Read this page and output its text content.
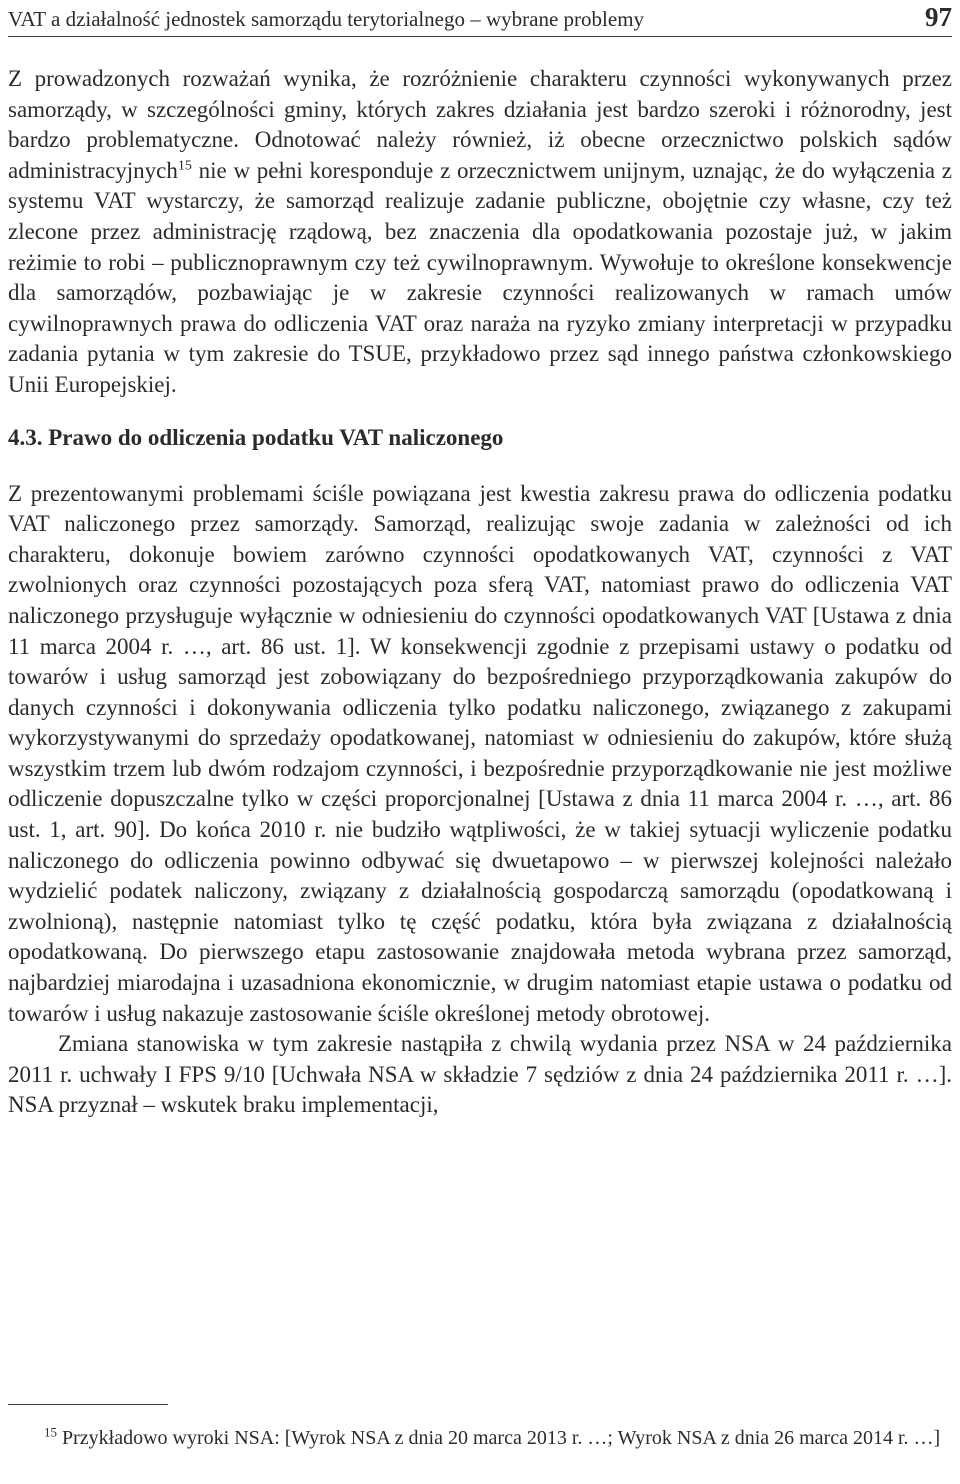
VAT a działalność jednostek samorządu terytorialnego – wybrane problemy	97

Z prowadzonych rozważań wynika, że rozróżnienie charakteru czynności wykonywanych przez samorządy, w szczególności gminy, których zakres działania jest bardzo szeroki i różnorodny, jest bardzo problematyczne. Odnotować należy również, iż obecne orzecznictwo polskich sądów administracyjnych$^{15}$ nie w pełni koresponduje z orzecznictwem unijnym, uznając, że do wyłączenia z systemu VAT wystarczy, że samorząd realizuje zadanie publiczne, obojętnie czy własne, czy też zlecone przez administrację rządową, bez znaczenia dla opodatkowania pozostaje już, w jakim reżimie to robi – publicznoprawnym czy też cywilnoprawnym. Wywołuje to określone konsekwencje dla samorządów, pozbawiając je w zakresie czynności realizowanych w ramach umów cywilnoprawnych prawa do odliczenia VAT oraz naraża na ryzyko zmiany interpretacji w przypadku zadania pytania w tym zakresie do TSUE, przykładowo przez sąd innego państwa członkowskiego Unii Europejskiej.

4.3. Prawo do odliczenia podatku VAT naliczonego

Z prezentowanymi problemami ściśle powiązana jest kwestia zakresu prawa do odliczenia podatku VAT naliczonego przez samorządy. Samorząd, realizując swoje zadania w zależności od ich charakteru, dokonuje bowiem zarówno czynności opodatkowanych VAT, czynności z VAT zwolnionych oraz czynności pozostających poza sferą VAT, natomiast prawo do odliczenia VAT naliczonego przysługuje wyłącznie w odniesieniu do czynności opodatkowanych VAT [Ustawa z dnia 11 marca 2004 r. …, art. 86 ust. 1]. W konsekwencji zgodnie z przepisami ustawy o podatku od towarów i usług samorząd jest zobowiązany do bezpośredniego przyporządkowania zakupów do danych czynności i dokonywania odliczenia tylko podatku naliczonego, związanego z zakupami wykorzystywanymi do sprzedaży opodatkowanej, natomiast w odniesieniu do zakupów, które służą wszystkim trzem lub dwóm rodzajom czynności, i bezpośrednie przyporządkowanie nie jest możliwe odliczenie dopuszczalne tylko w części proporcjonalnej [Ustawa z dnia 11 marca 2004 r. …, art. 86 ust. 1, art. 90]. Do końca 2010 r. nie budziło wątpliwości, że w takiej sytuacji wyliczenie podatku naliczonego do odliczenia powinno odbywać się dwuetapowo – w pierwszej kolejności należało wydzielić podatek naliczony, związany z działalnością gospodarczą samorządu (opodatkowaną i zwolnioną), następnie natomiast tylko tę część podatku, która była związana z działalnością opodatkowaną. Do pierwszego etapu zastosowanie znajdowała metoda wybrana przez samorząd, najbardziej miarodajna i uzasadniona ekonomicznie, w drugim natomiast etapie ustawa o podatku od towarów i usług nakazuje zastosowanie ściśle określonej metody obrotowej.

Zmiana stanowiska w tym zakresie nastąpiła z chwilą wydania przez NSA w 24 października 2011 r. uchwały I FPS 9/10 [Uchwała NSA w składzie 7 sędziów z dnia 24 października 2011 r. …]. NSA przyznał – wskutek braku implementacji,

$^{15}$ Przykładowo wyroki NSA: [Wyrok NSA z dnia 20 marca 2013 r. …; Wyrok NSA z dnia 26 marca 2014 r. …]
